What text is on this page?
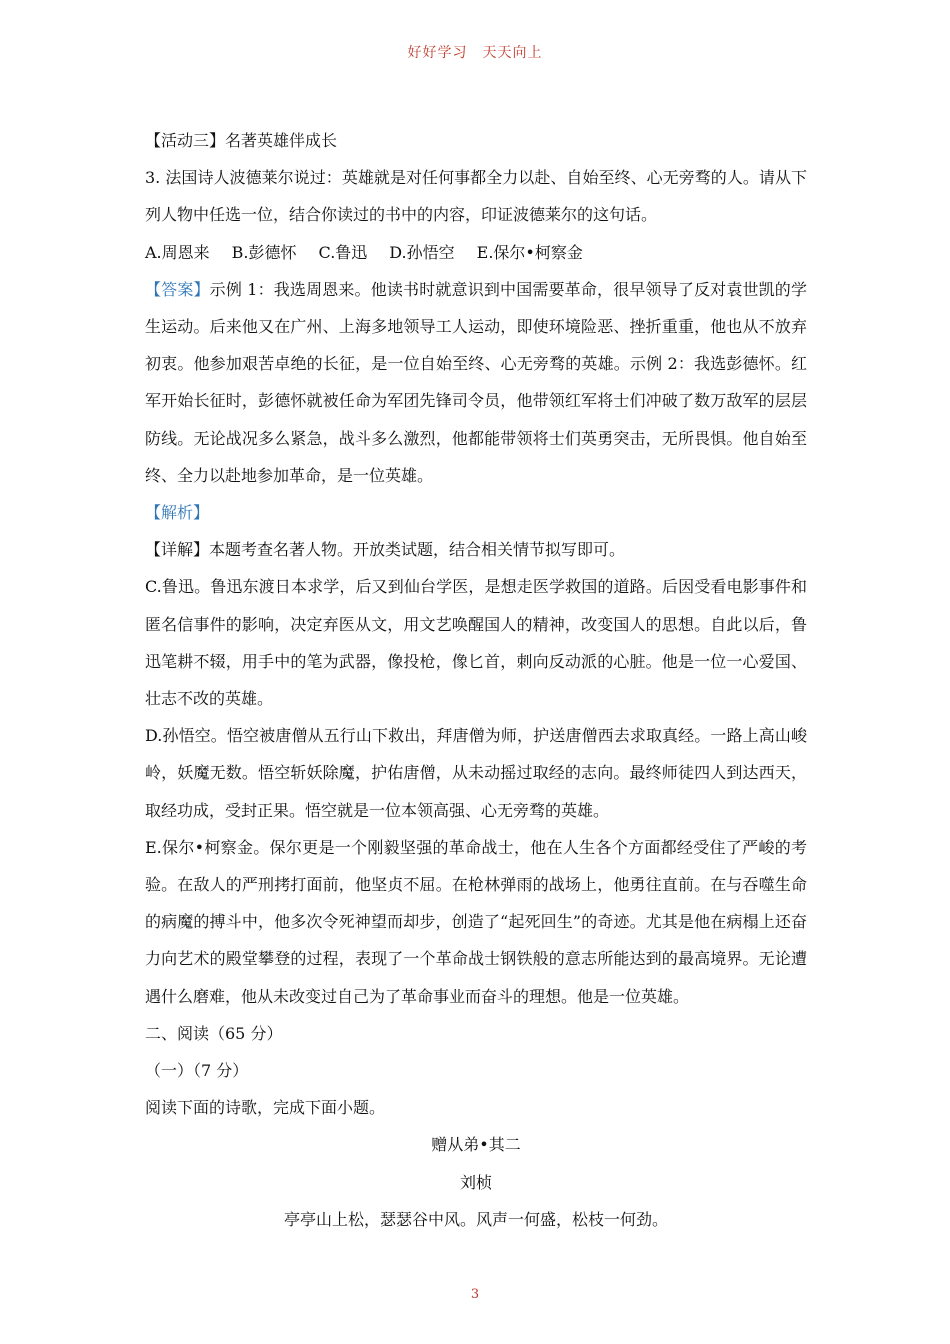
好好学习　天天向上

【活动三】名著英雄伴成长

3. 法国诗人波德莱尔说过：英雄就是对任何事都全力以赴、自始至终、心无旁骛的人。请从下列人物中任选一位，结合你读过的书中的内容，印证波德莱尔的这句话。

A.周恩来 B.彭德怀 C.鲁迅 D.孙悟空 E.保尔•柯察金

【答案】示例 1：我选周恩来。他读书时就意识到中国需要革命，很早领导了反对袁世凯的学生运动。后来他又在广州、上海多地领导工人运动，即使环境险恶、挫折重重，他也从不放弃初衷。他参加艰苦卓绝的长征，是一位自始至终、心无旁骛的英雄。示例 2：我选彭德怀。红军开始长征时，彭德怀就被任命为军团先锋司令员，他带领红军将士们冲破了数万敌军的层层防线。无论战况多么紧急，战斗多么激烈，他都能带领将士们英勇突击，无所畏惧。他自始至终、全力以赴地参加革命，是一位英雄。

【解析】

【详解】本题考查名著人物。开放类试题，结合相关情节拟写即可。

C.鲁迅。鲁迅东渡日本求学，后又到仙台学医，是想走医学救国的道路。后因受看电影事件和匿名信事件的影响，决定弃医从文，用文艺唤醒国人的精神，改变国人的思想。自此以后，鲁迅笔耕不辍，用手中的笔为武器，像投枪，像匕首，刺向反动派的心脏。他是一位一心爱国、壮志不改的英雄。

D.孙悟空。悟空被唐僧从五行山下救出，拜唐僧为师，护送唐僧西去求取真经。一路上高山峻岭，妖魔无数。悟空斩妖除魔，护佑唐僧，从未动摇过取经的志向。最终师徒四人到达西天，取经功成，受封正果。悟空就是一位本领高强、心无旁骛的英雄。

E.保尔•柯察金。保尔更是一个刚毅坚强的革命战士，他在人生各个方面都经受住了严峻的考验。在敌人的严刑拷打面前，他坚贞不屈。在枪林弹雨的战场上，他勇往直前。在与吞噬生命的病魔的搏斗中，他多次令死神望而却步，创造了“起死回生”的奇迹。尤其是他在病榻上还奋力向艺术的殿堂攀登的过程，表现了一个革命战士钢铁般的意志所能达到的最高境界。无论遭遇什么磨难，他从未改变过自己为了革命事业而奋斗的理想。他是一位英雄。

二、阅读（65 分）

（一）（7 分）

阅读下面的诗歌，完成下面小题。

赠从弟•其二

刘桢

亭亭山上松，瑟瑟谷中风。风声一何盛，松枝一何劲。

3
